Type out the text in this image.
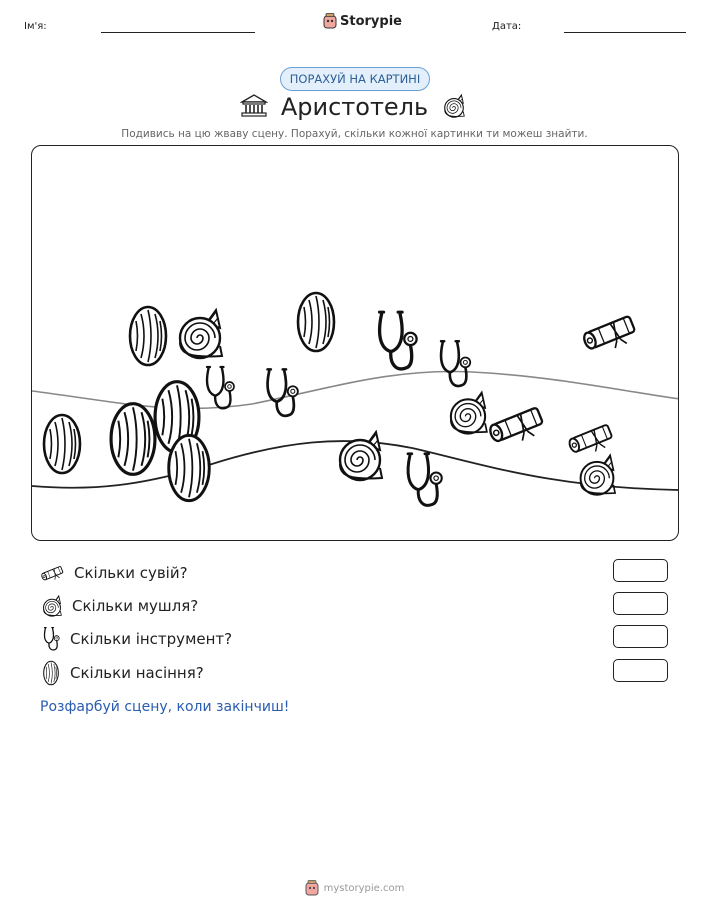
Ім'я:	Storypie	Дата:
ПОРАХУЙ НА КАРТИНІ
Аристотель
Подивись на цю жваву сцену. Порахуй, скільки кожної картинки ти можеш знайти.
Скільки сувій?
Скільки мушля?
Скільки інструмент?
Скільки насіння?
Розфарбуй сцену, коли закінчиш!
mystorypie.com
